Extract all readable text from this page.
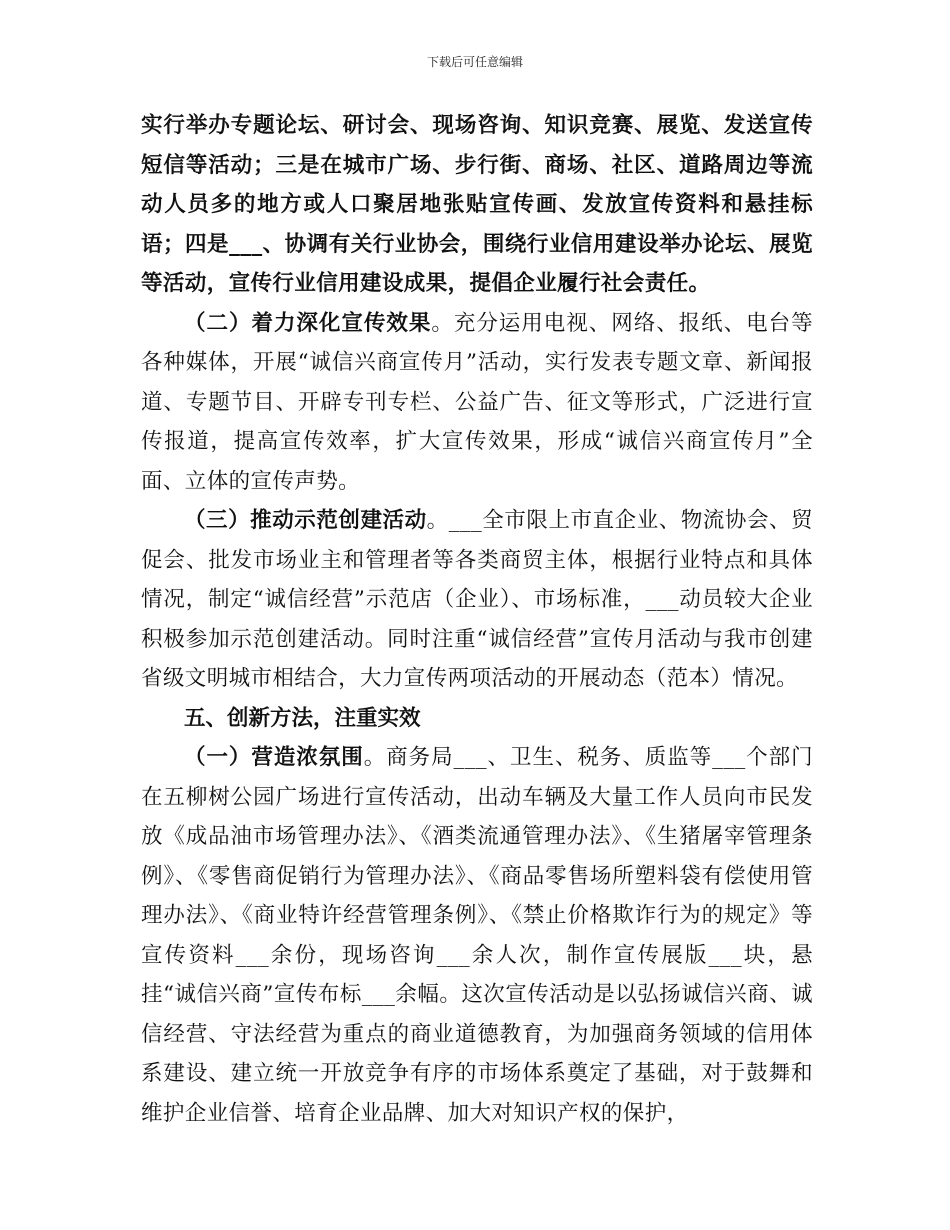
下载后可任意编辑

实行举办专题论坛、研讨会、现场咨询、知识竞赛、展览、发送宣传短信等活动；三是在城市广场、步行街、商场、社区、道路周边等流动人员多的地方或人口聚居地张贴宣传画、发放宣传资料和悬挂标语；四是___、协调有关行业协会，围绕行业信用建设举办论坛、展览等活动，宣传行业信用建设成果，提倡企业履行社会责任。

（二）着力深化宣传效果。充分运用电视、网络、报纸、电台等各种媒体，开展“诚信兴商宣传月”活动，实行发表专题文章、新闻报道、专题节目、开辟专刊专栏、公益广告、征文等形式，广泛进行宣传报道，提高宣传效率，扩大宣传效果，形成“诚信兴商宣传月”全面、立体的宣传声势。

（三）推动示范创建活动。___全市限上市直企业、物流协会、贸促会、批发市场业主和管理者等各类商贸主体，根据行业特点和具体情况，制定“诚信经营”示范店（企业）、市场标准，___动员较大企业积极参加示范创建活动。同时注重“诚信经营”宣传月活动与我市创建省级文明城市相结合，大力宣传两项活动的开展动态（范本）情况。

五、创新方法，注重实效

（一）营造浓氛围。商务局___、卫生、税务、质监等___个部门在五柳树公园广场进行宣传活动，出动车辆及大量工作人员向市民发放《成品油市场管理办法》、《酒类流通管理办法》、《生猪屠宰管理条例》、《零售商促销行为管理办法》、《商品零售场所塑料袋有偿使用管理办法》、《商业特许经营管理条例》、《禁止价格欺诈行为的规定》等宣传资料___余份，现场咨询___余人次，制作宣传展版___块，悬挂“诚信兴商”宣传布标___余幅。这次宣传活动是以弘扬诚信兴商、诚信经营、守法经营为重点的商业道德教育，为加强商务领域的信用体系建设、建立统一开放竞争有序的市场体系奠定了基础，对于鼓舞和维护企业信誉、培育企业品牌、加大对知识产权的保护，
